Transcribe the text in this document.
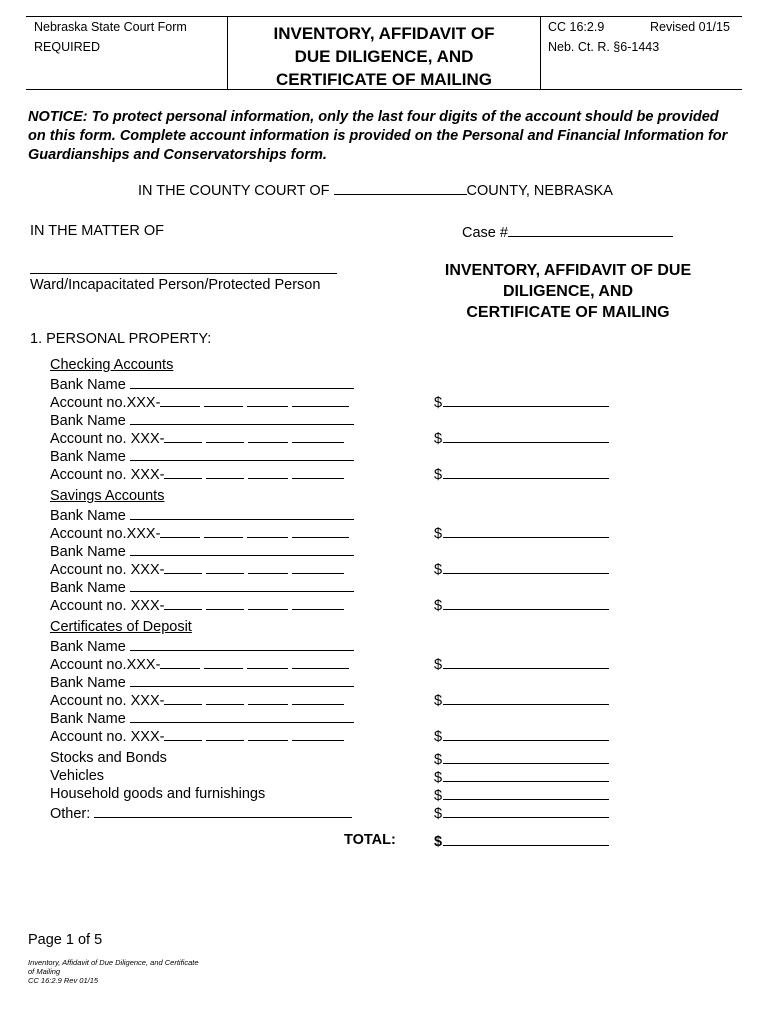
Nebraska State Court Form
REQUIRED
INVENTORY, AFFIDAVIT OF
DUE DILIGENCE, AND
CERTIFICATE OF MAILING
CC 16:2.9	Revised 01/15
Neb. Ct. R. §6-1443
NOTICE: To protect personal information, only the last four digits of the account should be provided on this form. Complete account information is provided on the Personal and Financial Information for Guardianships and Conservatorships form.
IN THE COUNTY COURT OF	COUNTY, NEBRASKA
IN THE MATTER OF	Case #
Ward/Incapacitated Person/Protected Person
INVENTORY, AFFIDAVIT OF DUE
DILIGENCE, AND
CERTIFICATE OF MAILING
1. PERSONAL PROPERTY:
Checking Accounts
Bank Name
Account no.XXX-	$
Bank Name
Account no. XXX-	$
Bank Name
Account no. XXX-	$
Savings Accounts
Bank Name
Account no.XXX-	$
Bank Name
Account no. XXX-	$
Bank Name
Account no. XXX-	$
Certificates of Deposit
Bank Name
Account no.XXX-	$
Bank Name
Account no. XXX-	$
Bank Name
Account no. XXX-	$
Stocks and Bonds	$
Vehicles	$
Household goods and furnishings	$
Other:	$
TOTAL:	$
Page 1 of 5
Inventory, Affidavit of Due Diligence, and Certificate
of Mailing
CC 16:2.9 Rev 01/15
